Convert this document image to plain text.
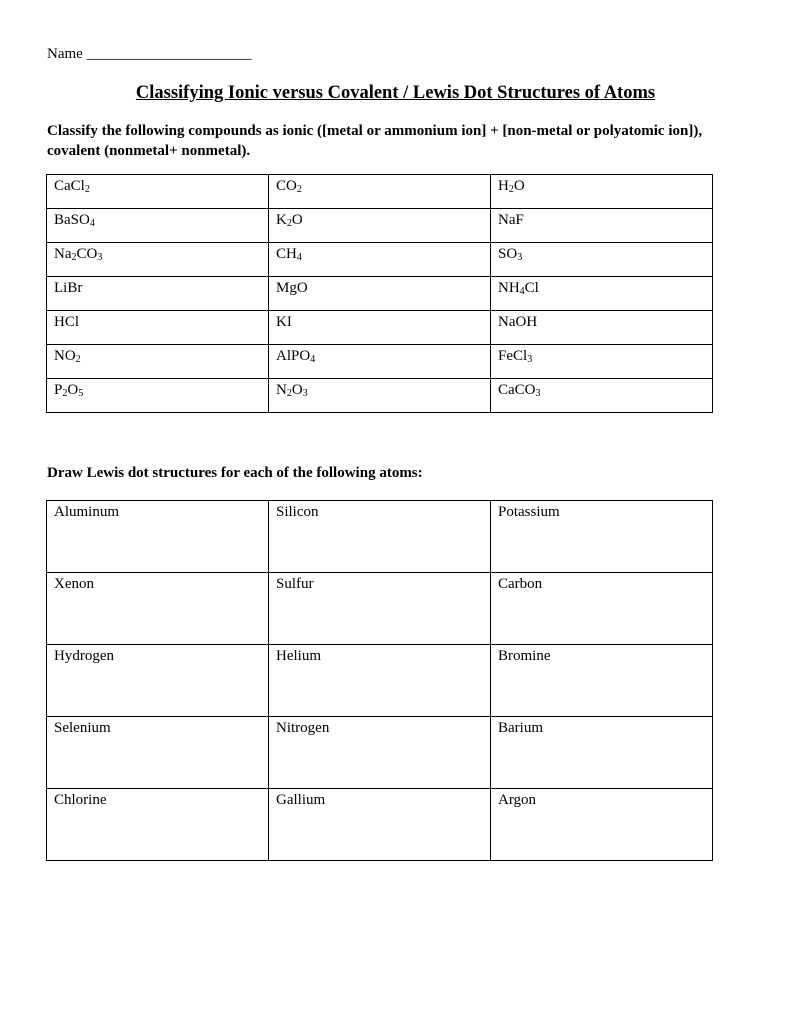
Name ______________________
Classifying Ionic versus Covalent / Lewis Dot Structures of Atoms
Classify the following compounds as ionic ([metal or ammonium ion] + [non-metal or polyatomic ion]), covalent (nonmetal+ nonmetal).
CaCl$_2$	$CO_2$	$H_2O$
BaSO$_4$	$K_2O$	NaF
$Na_2CO_3$	$CH_4$	$SO_3$
LiBr	MgO	$NH_4Cl$
HCl	KI	NaOH
$NO_2$	AlPO$_4$	FeCl$_3$
$P_2O_5$	$N_2O_3$	CaCO$_3$
Draw Lewis dot structures for each of the following atoms:
Aluminum	Silicon	Potassium
Xenon	Sulfur	Carbon
Hydrogen	Helium	Bromine
Selenium	Nitrogen	Barium
Chlorine	Gallium	Argon
